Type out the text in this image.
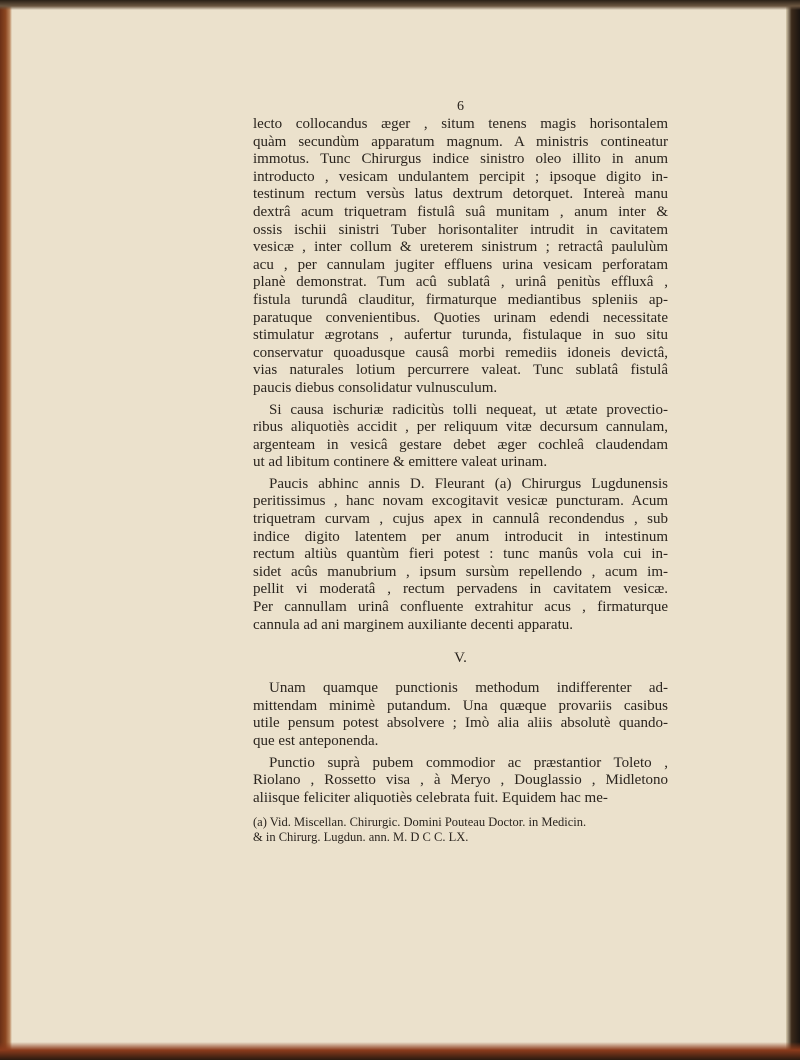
6
lecto collocandus æger , situm tenens magis horisontalem
quàm secundùm apparatum magnum. A ministris contineatur
immotus. Tunc Chirurgus indice sinistro oleo illito in anum
introducto , vesicam undulantem percipit ; ipsoque digito in-
testinum rectum versùs latus dextrum detorquet. Intereà manu
dextrâ acum triquetram fistulâ suâ munitam , anum inter &
ossis ischii sinistri Tuber horisontaliter intrudit in cavitatem
vesicæ , inter collum & ureterem sinistrum ; retractâ paululùm
acu , per cannulam jugiter effluens urina vesicam perforatam
planè demonstrat. Tum acû sublatâ , urinâ penitùs effluxâ ,
fistula turundâ clauditur, firmaturque mediantibus spleniis ap-
paratuque convenientibus. Quoties urinam edendi necessitate
stimulatur ægrotans , aufertur turunda, fistulaque in suo situ
conservatur quoadusque causâ morbi remediis idoneis devictâ,
vias naturales lotium percurrere valeat. Tunc sublatâ fistulâ
paucis diebus consolidatur vulnusculum.
Si causa ischuriæ radicitùs tolli nequeat, ut ætate provectio-
ribus aliquotiès accidit , per reliquum vitæ decursum cannulam,
argenteam in vesicâ gestare debet æger cochleâ claudendam
ut ad libitum continere & emittere valeat urinam.
Paucis abhinc annis D. Fleurant (a) Chirurgus Lugdunensis
peritissimus , hanc novam excogitavit vesicæ puncturam. Acum
triquetram curvam , cujus apex in cannulâ recondendus , sub
indice digito latentem per anum introducit in intestinum
rectum altiùs quantùm fieri potest : tunc manûs vola cui in-
sidet acûs manubrium , ipsum sursùm repellendo , acum im-
pellit vi moderatâ , rectum pervadens in cavitatem vesicæ.
Per cannullam urinâ confluente extrahitur acus , firmaturque
cannula ad ani marginem auxiliante decenti apparatu.
V.
Unam quamque punctionis methodum indifferenter ad-
mittendam minimè putandum. Una quæque provariis casibus
utile pensum potest absolvere ; Imò alia aliis absolutè quando-
que est anteponenda.
Punctio suprà pubem commodior ac præstantior Toleto ,
Riolano , Rossetto visa , à Meryo , Douglassio , Midletono
aliisque feliciter aliquotiès celebrata fuit. Equidem hac me-
(a) Vid. Miscellan. Chirurgic. Domini Pouteau Doctor. in Medicin.
& in Chirurg. Lugdun. ann. M. D C C. LX.
